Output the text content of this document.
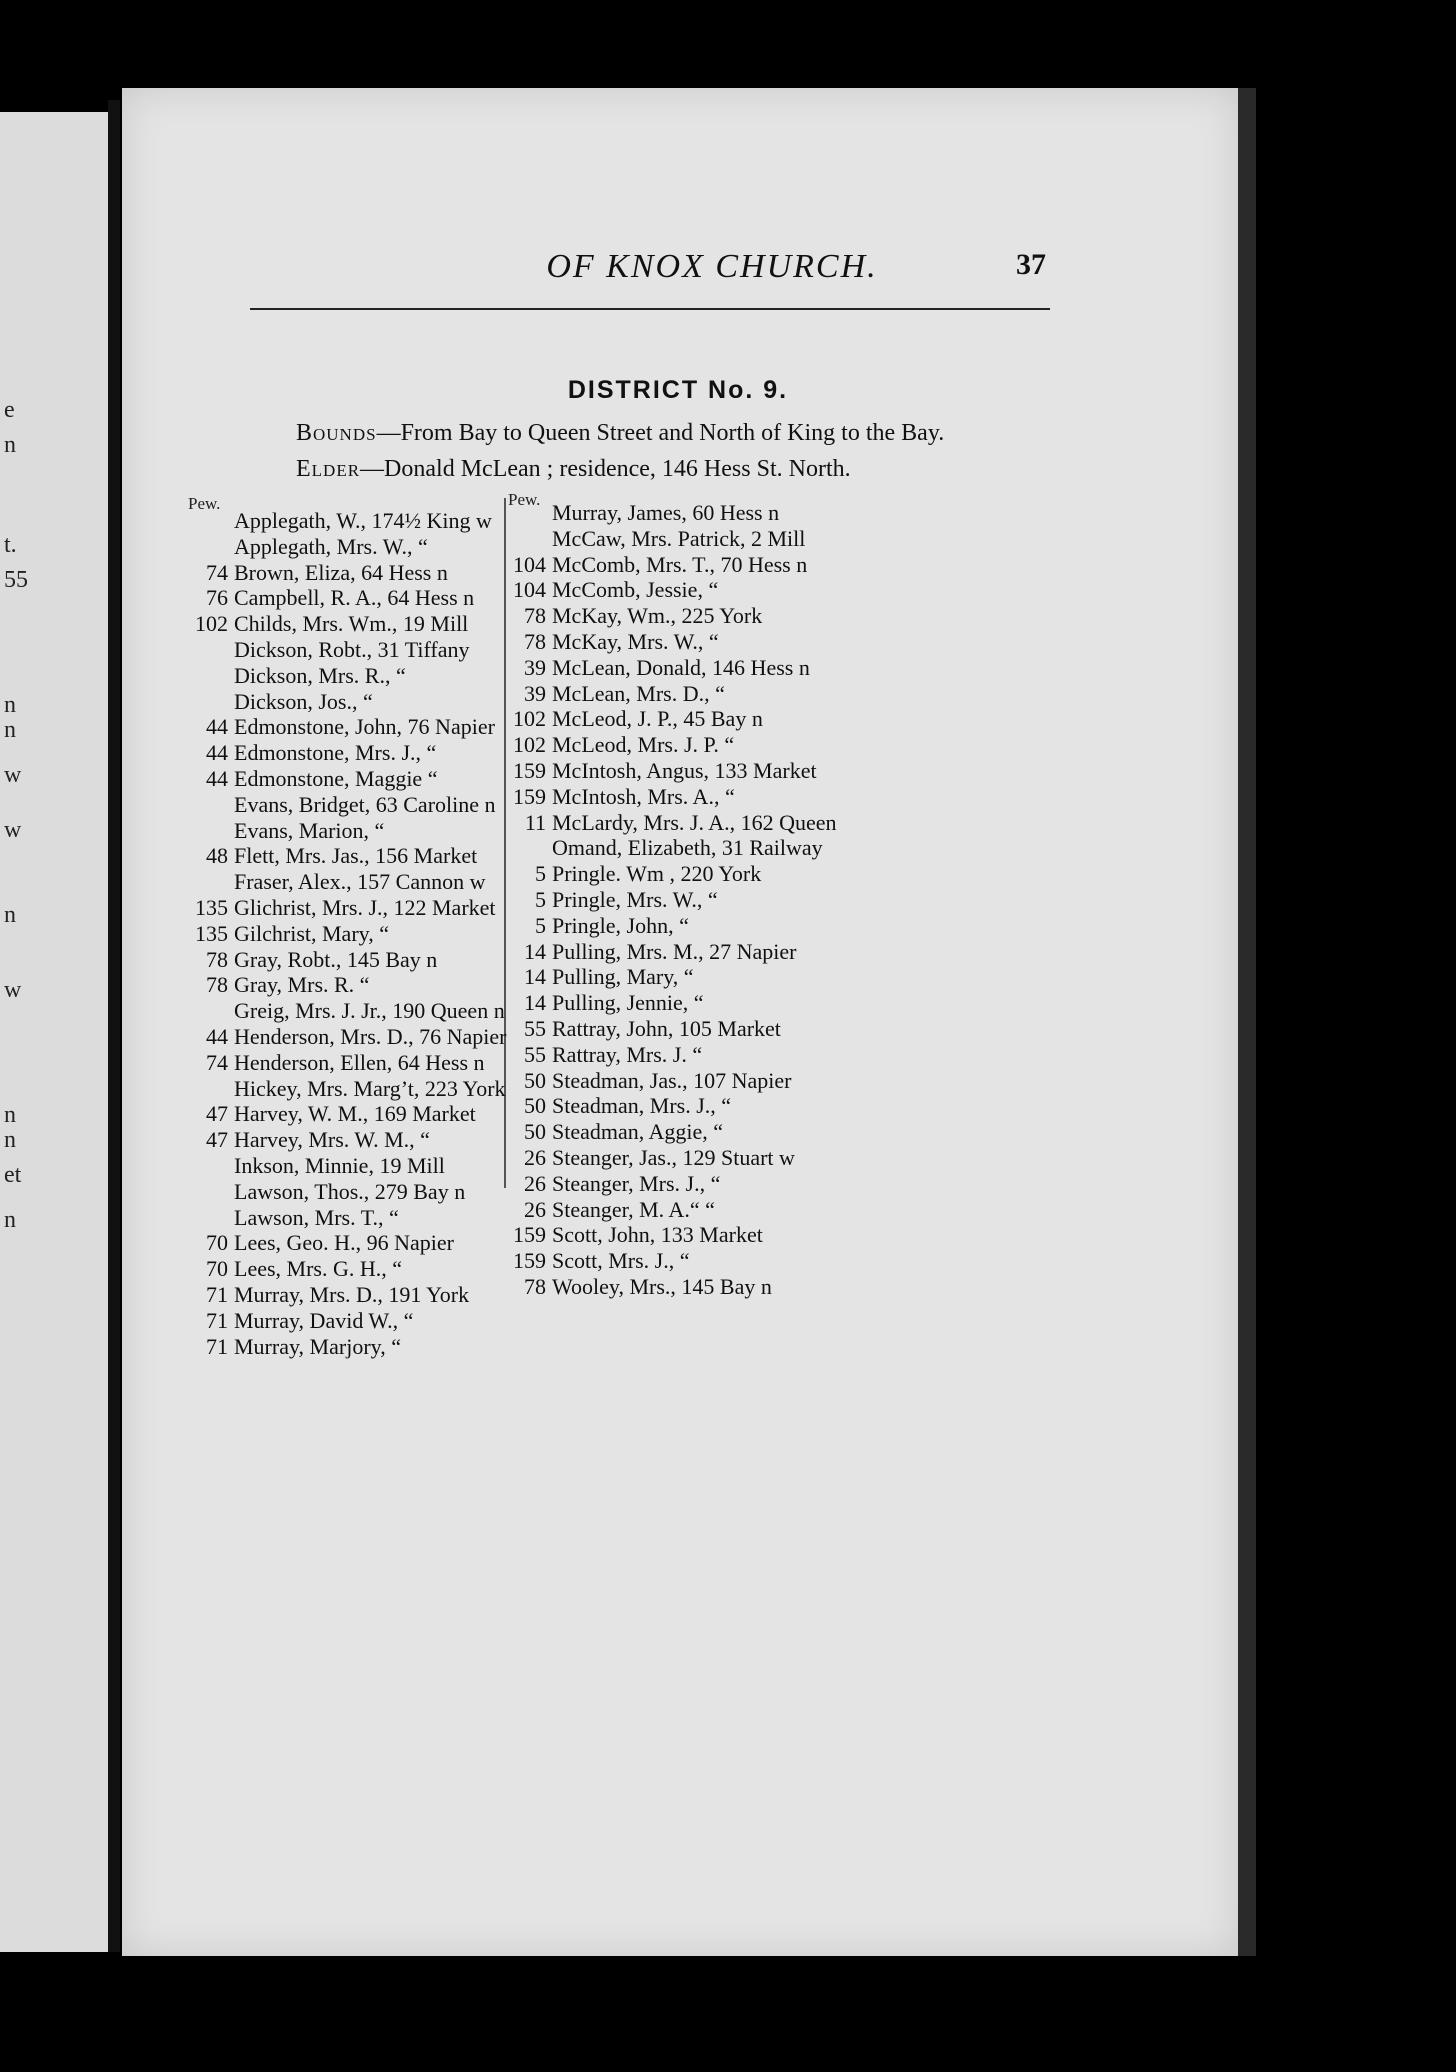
e
n
t.
55
n
n
w
w
n
w
n
n
et
n
OF KNOX CHURCH.	37
DISTRICT No. 9.
Bounds—From Bay to Queen Street and North of King to the Bay.
Elder—Donald McLean ; residence, 146 Hess St. North.
Pew.	Pew.
Applegath, W., 174½ King w
Applegath, Mrs. W., “
74 Brown, Eliza, 64 Hess n
76 Campbell, R. A., 64 Hess n
102 Childs, Mrs. Wm., 19 Mill
Dickson, Robt., 31 Tiffany
Dickson, Mrs. R., “
Dickson, Jos., “
44 Edmonstone, John, 76 Napier
44 Edmonstone, Mrs. J., “
44 Edmonstone, Maggie “
Evans, Bridget, 63 Caroline n
Evans, Marion, “
48 Flett, Mrs. Jas., 156 Market
Fraser, Alex., 157 Cannon w
135 Glichrist, Mrs. J., 122 Market
135 Gilchrist, Mary, “
78 Gray, Robt., 145 Bay n
78 Gray, Mrs. R. “
Greig, Mrs. J. Jr., 190 Queen n
44 Henderson, Mrs. D., 76 Napier
74 Henderson, Ellen, 64 Hess n
Hickey, Mrs. Marg’t, 223 York
47 Harvey, W. M., 169 Market
47 Harvey, Mrs. W. M., “
Inkson, Minnie, 19 Mill
Lawson, Thos., 279 Bay n
Lawson, Mrs. T., “
70 Lees, Geo. H., 96 Napier
70 Lees, Mrs. G. H., “
71 Murray, Mrs. D., 191 York
71 Murray, David W., “
71 Murray, Marjory, “
Murray, James, 60 Hess n
McCaw, Mrs. Patrick, 2 Mill
104 McComb, Mrs. T., 70 Hess n
104 McComb, Jessie, “
78 McKay, Wm., 225 York
78 McKay, Mrs. W., “
39 McLean, Donald, 146 Hess n
39 McLean, Mrs. D., “
102 McLeod, J. P., 45 Bay n
102 McLeod, Mrs. J. P. “
159 McIntosh, Angus, 133 Market
159 McIntosh, Mrs. A., “
11 McLardy, Mrs. J. A., 162 Queen
Omand, Elizabeth, 31 Railway
5 Pringle. Wm , 220 York
5 Pringle, Mrs. W., “
5 Pringle, John, “
14 Pulling, Mrs. M., 27 Napier
14 Pulling, Mary, “
14 Pulling, Jennie, “
55 Rattray, John, 105 Market
55 Rattray, Mrs. J. “
50 Steadman, Jas., 107 Napier
50 Steadman, Mrs. J., “
50 Steadman, Aggie, “
26 Steanger, Jas., 129 Stuart w
26 Steanger, Mrs. J., “
26 Steanger, M. A.“ “
159 Scott, John, 133 Market
159 Scott, Mrs. J., “
78 Wooley, Mrs., 145 Bay n
